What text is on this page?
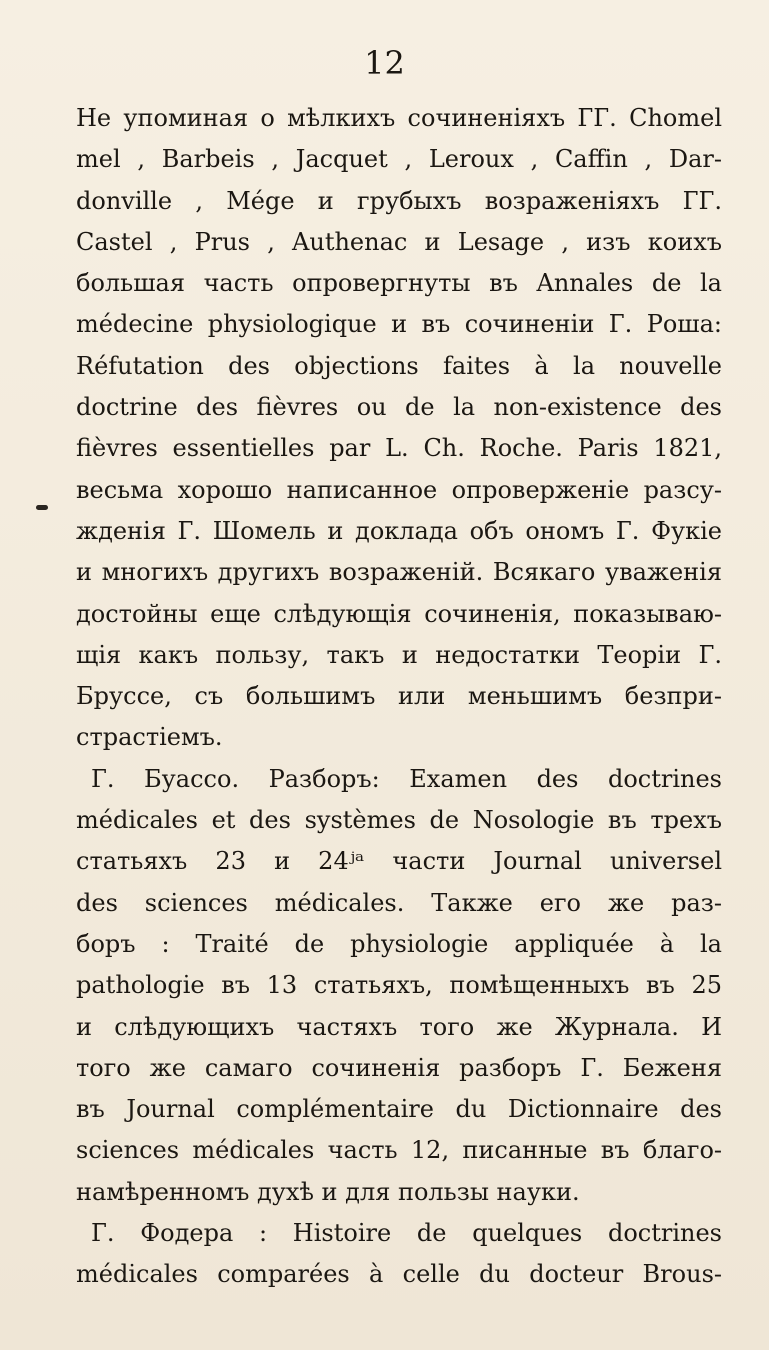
12
Не упоминая о мѣлкихъ сочиненіяхъ ГГ. Chomel
mel , Barbeis , Jacquet , Leroux , Caffin , Dar-
donville , Mége и грубыхъ возраженіяхъ ГГ.
Castel , Prus , Authenac и Lesage , изъ коихъ
большая часть опровергнуты въ Annales de la
médecine physiologique и въ сочиненіи Г. Роша:
Réfutation des objections faites à la nouvelle
doctrine des fièvres ou de la non-existence des
fièvres essentielles par L. Ch. Roche. Paris 1821,
весьма хорошо написанное опроверженіе разсу-
жденія Г. Шомель и доклада объ ономъ Г. Фукіе
и многихъ другихъ возраженій. Всякаго уваженія
достойны еще слѣдующія сочиненія, показываю-
щія какъ пользу, такъ и недостатки Теоріи Г.
Бруссе, съ большимъ или меньшимъ безпри-
страстіемъ.
Г. Буассо. Разборъ: Examen des doctrines
médicales et des systèmes de Nosologie въ трехъ
статьяхъ 23 и 24ʲᵃ части Journal universel
des sciences médicales. Также его же раз-
боръ : Traité de physiologie appliquée à la
pathologie въ 13 статьяхъ, помѣщенныхъ въ 25
и слѣдующихъ частяхъ того же Журнала. И
того же самаго сочиненія разборъ Г. Беженя
въ Journal complémentaire du Dictionnaire des
sciences médicales часть 12, писанные въ благо-
намѣренномъ духѣ и для пользы науки.
Г. Фодера : Histoire de quelques doctrines
médicales comparées à celle du docteur Brous-
